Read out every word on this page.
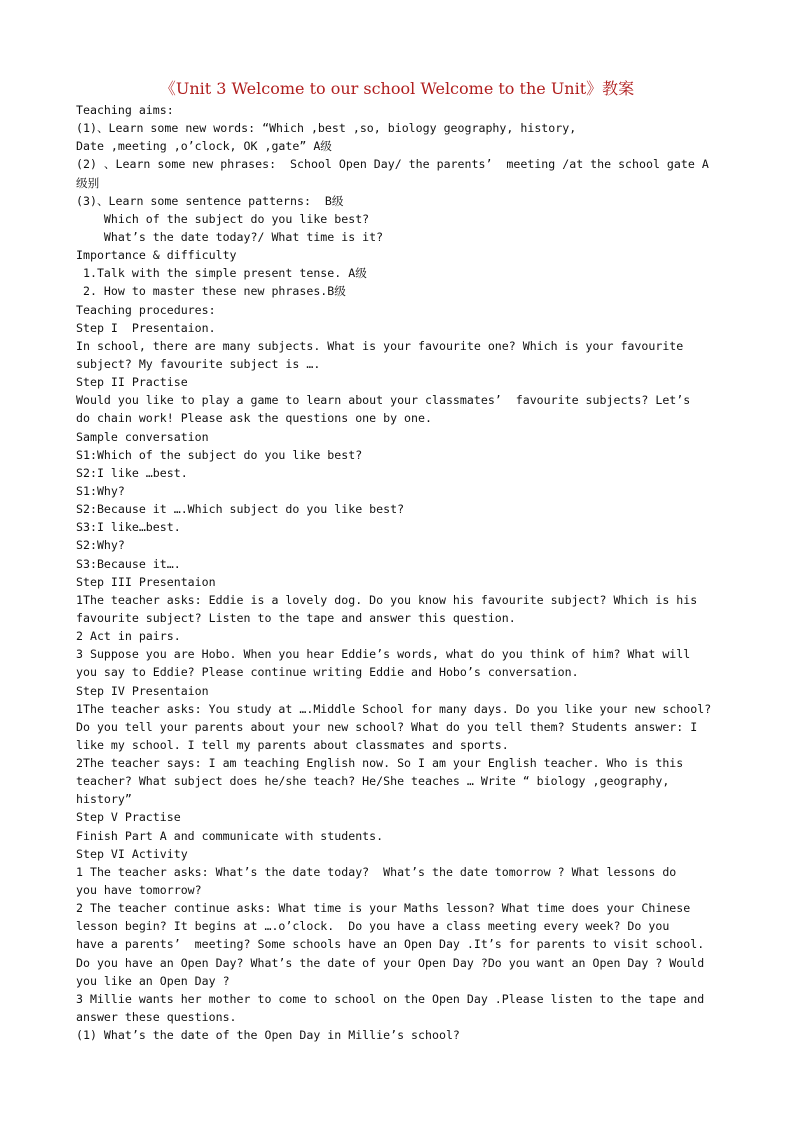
《Unit 3 Welcome to our school Welcome to the Unit》教案
Teaching aims:
(1)、Learn some new words: “Which ,best ,so, biology geography, history,
Date ,meeting ,o’clock, OK ,gate” A级
(2) 、Learn some new phrases:  School Open Day/ the parents’  meeting /at the school gate A
级别
(3)、Learn some sentence patterns:  B级
Which of the subject do you like best?
What’s the date today?/ What time is it?
Importance & difficulty
1.Talk with the simple present tense. A级
2. How to master these new phrases.B级
Teaching procedures:
Step I  Presentaion.
In school, there are many subjects. What is your favourite one? Which is your favourite
subject? My favourite subject is ….
Step II Practise
Would you like to play a game to learn about your classmates’  favourite subjects? Let’s
do chain work! Please ask the questions one by one.
Sample conversation
S1:Which of the subject do you like best?
S2:I like …best.
S1:Why?
S2:Because it ….Which subject do you like best?
S3:I like…best.
S2:Why?
S3:Because it….
Step III Presentaion
1The teacher asks: Eddie is a lovely dog. Do you know his favourite subject? Which is his
favourite subject? Listen to the tape and answer this question.
2 Act in pairs.
3 Suppose you are Hobo. When you hear Eddie’s words, what do you think of him? What will
you say to Eddie? Please continue writing Eddie and Hobo’s conversation.
Step IV Presentaion
1The teacher asks: You study at ….Middle School for many days. Do you like your new school?
Do you tell your parents about your new school? What do you tell them? Students answer: I
like my school. I tell my parents about classmates and sports.
2The teacher says: I am teaching English now. So I am your English teacher. Who is this
teacher? What subject does he/she teach? He/She teaches … Write “ biology ,geography,
history”
Step V Practise
Finish Part A and communicate with students.
Step VI Activity
1 The teacher asks: What’s the date today?  What’s the date tomorrow ? What lessons do
you have tomorrow?
2 The teacher continue asks: What time is your Maths lesson? What time does your Chinese
lesson begin? It begins at ….o’clock.  Do you have a class meeting every week? Do you
have a parents’  meeting? Some schools have an Open Day .It’s for parents to visit school.
Do you have an Open Day? What’s the date of your Open Day ?Do you want an Open Day ? Would
you like an Open Day ?
3 Millie wants her mother to come to school on the Open Day .Please listen to the tape and
answer these questions.
(1) What’s the date of the Open Day in Millie’s school?
